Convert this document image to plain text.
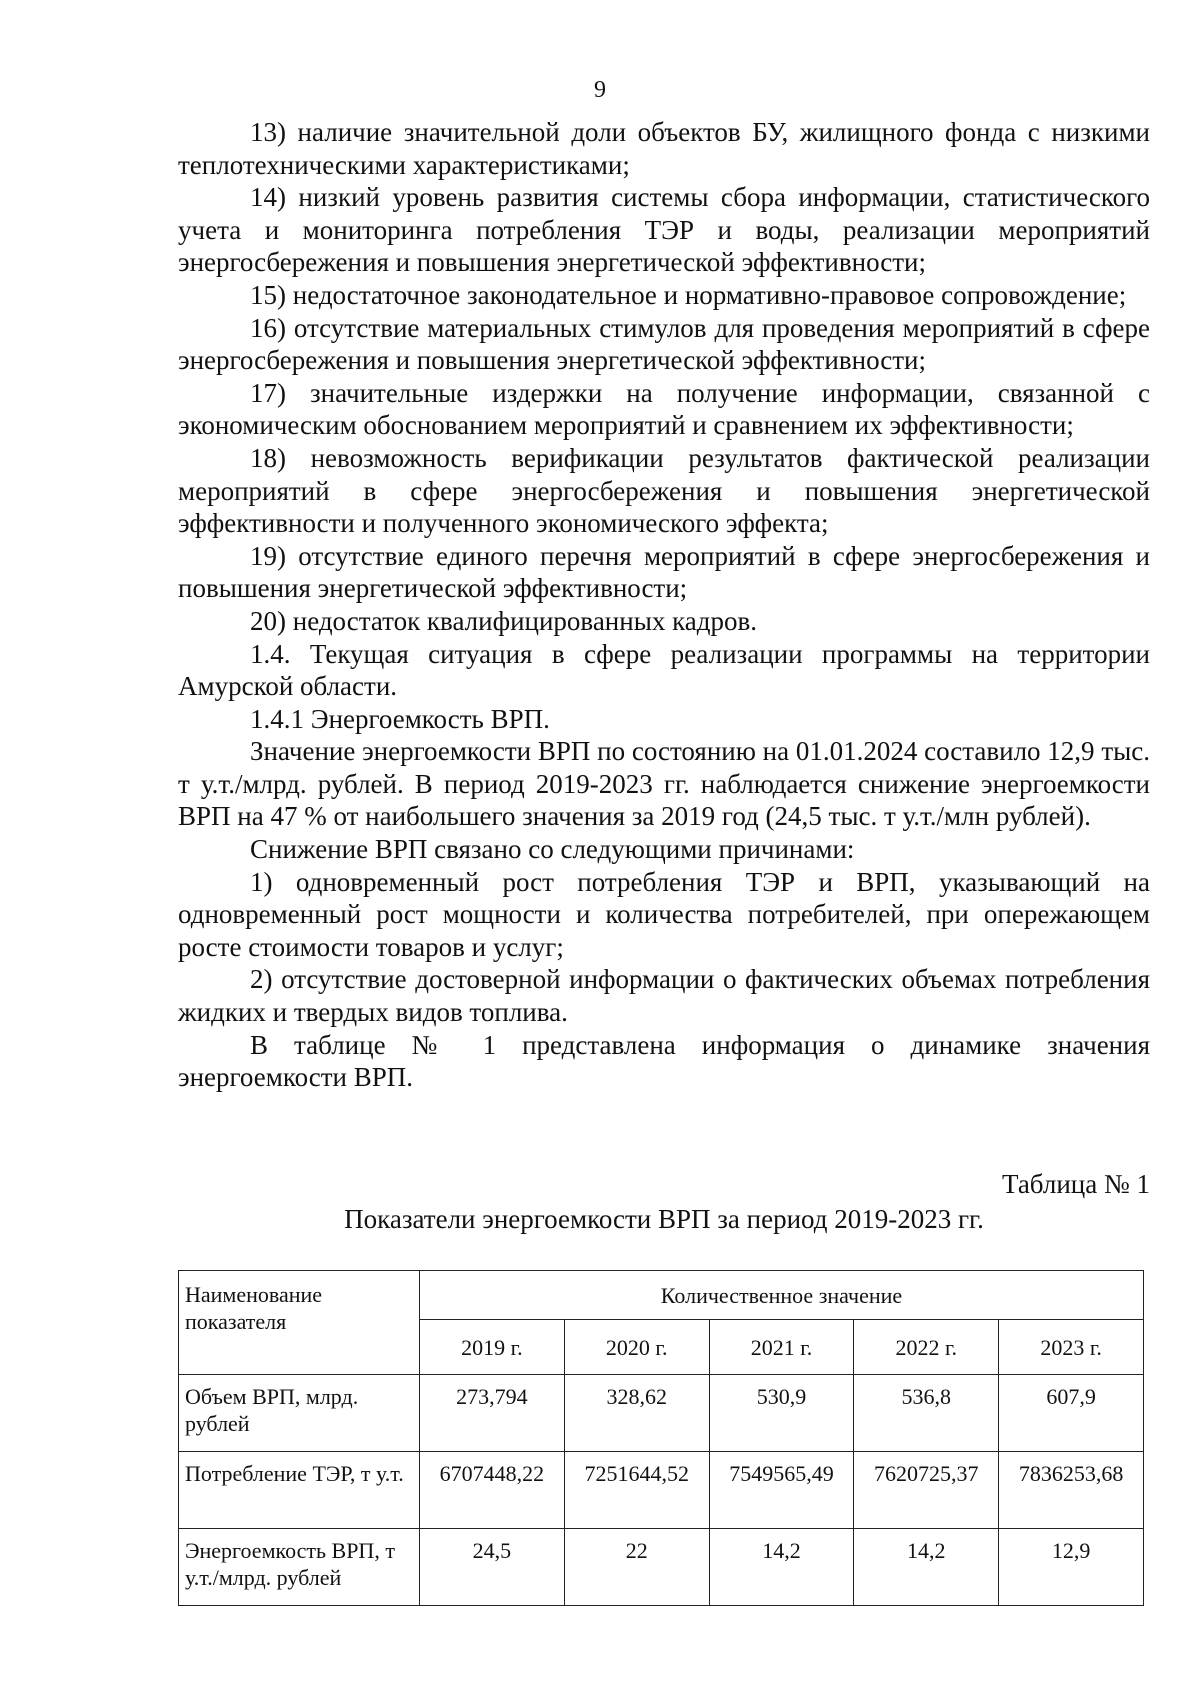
9

13) наличие значительной доли объектов БУ, жилищного фонда с низкими теплотехническими характеристиками;

14) низкий уровень развития системы сбора информации, статистического учета и мониторинга потребления ТЭР и воды, реализации мероприятий энергосбережения и повышения энергетической эффективности;

15) недостаточное законодательное и нормативно-правовое сопровождение;

16) отсутствие материальных стимулов для проведения мероприятий в сфере энергосбережения и повышения энергетической эффективности;

17) значительные издержки на получение информации, связанной с экономическим обоснованием мероприятий и сравнением их эффективности;

18) невозможность верификации результатов фактической реализации мероприятий в сфере энергосбережения и повышения энергетической эффективности и полученного экономического эффекта;

19) отсутствие единого перечня мероприятий в сфере энергосбережения и повышения энергетической эффективности;

20) недостаток квалифицированных кадров.

1.4. Текущая ситуация в сфере реализации программы на территории Амурской области.

1.4.1 Энергоемкость ВРП.

Значение энергоемкости ВРП по состоянию на 01.01.2024 составило 12,9 тыс. т у.т./млрд. рублей. В период 2019-2023 гг. наблюдается снижение энергоемкости ВРП на 47 % от наибольшего значения за 2019 год (24,5 тыс. т у.т./млн рублей).

Снижение ВРП связано со следующими причинами:

1) одновременный рост потребления ТЭР и ВРП, указывающий на одновременный рост мощности и количества потребителей, при опережающем росте стоимости товаров и услуг;

2) отсутствие достоверной информации о фактических объемах потребления жидких и твердых видов топлива.

В таблице № 1 представлена информация о динамике значения энергоемкости ВРП.

Таблица № 1
Показатели энергоемкости ВРП за период 2019-2023 гг.
Наименование показателя	Количественное значение				
	2019 г.	2020 г.	2021 г.	2022 г.	2023 г.
Объем ВРП, млрд. рублей	273,794	328,62	530,9	536,8	607,9
Потребление ТЭР, т у.т.	6707448,22	7251644,52	7549565,49	7620725,37	7836253,68
Энергоемкость ВРП, т у.т./млрд. рублей	24,5	22	14,2	14,2	12,9
